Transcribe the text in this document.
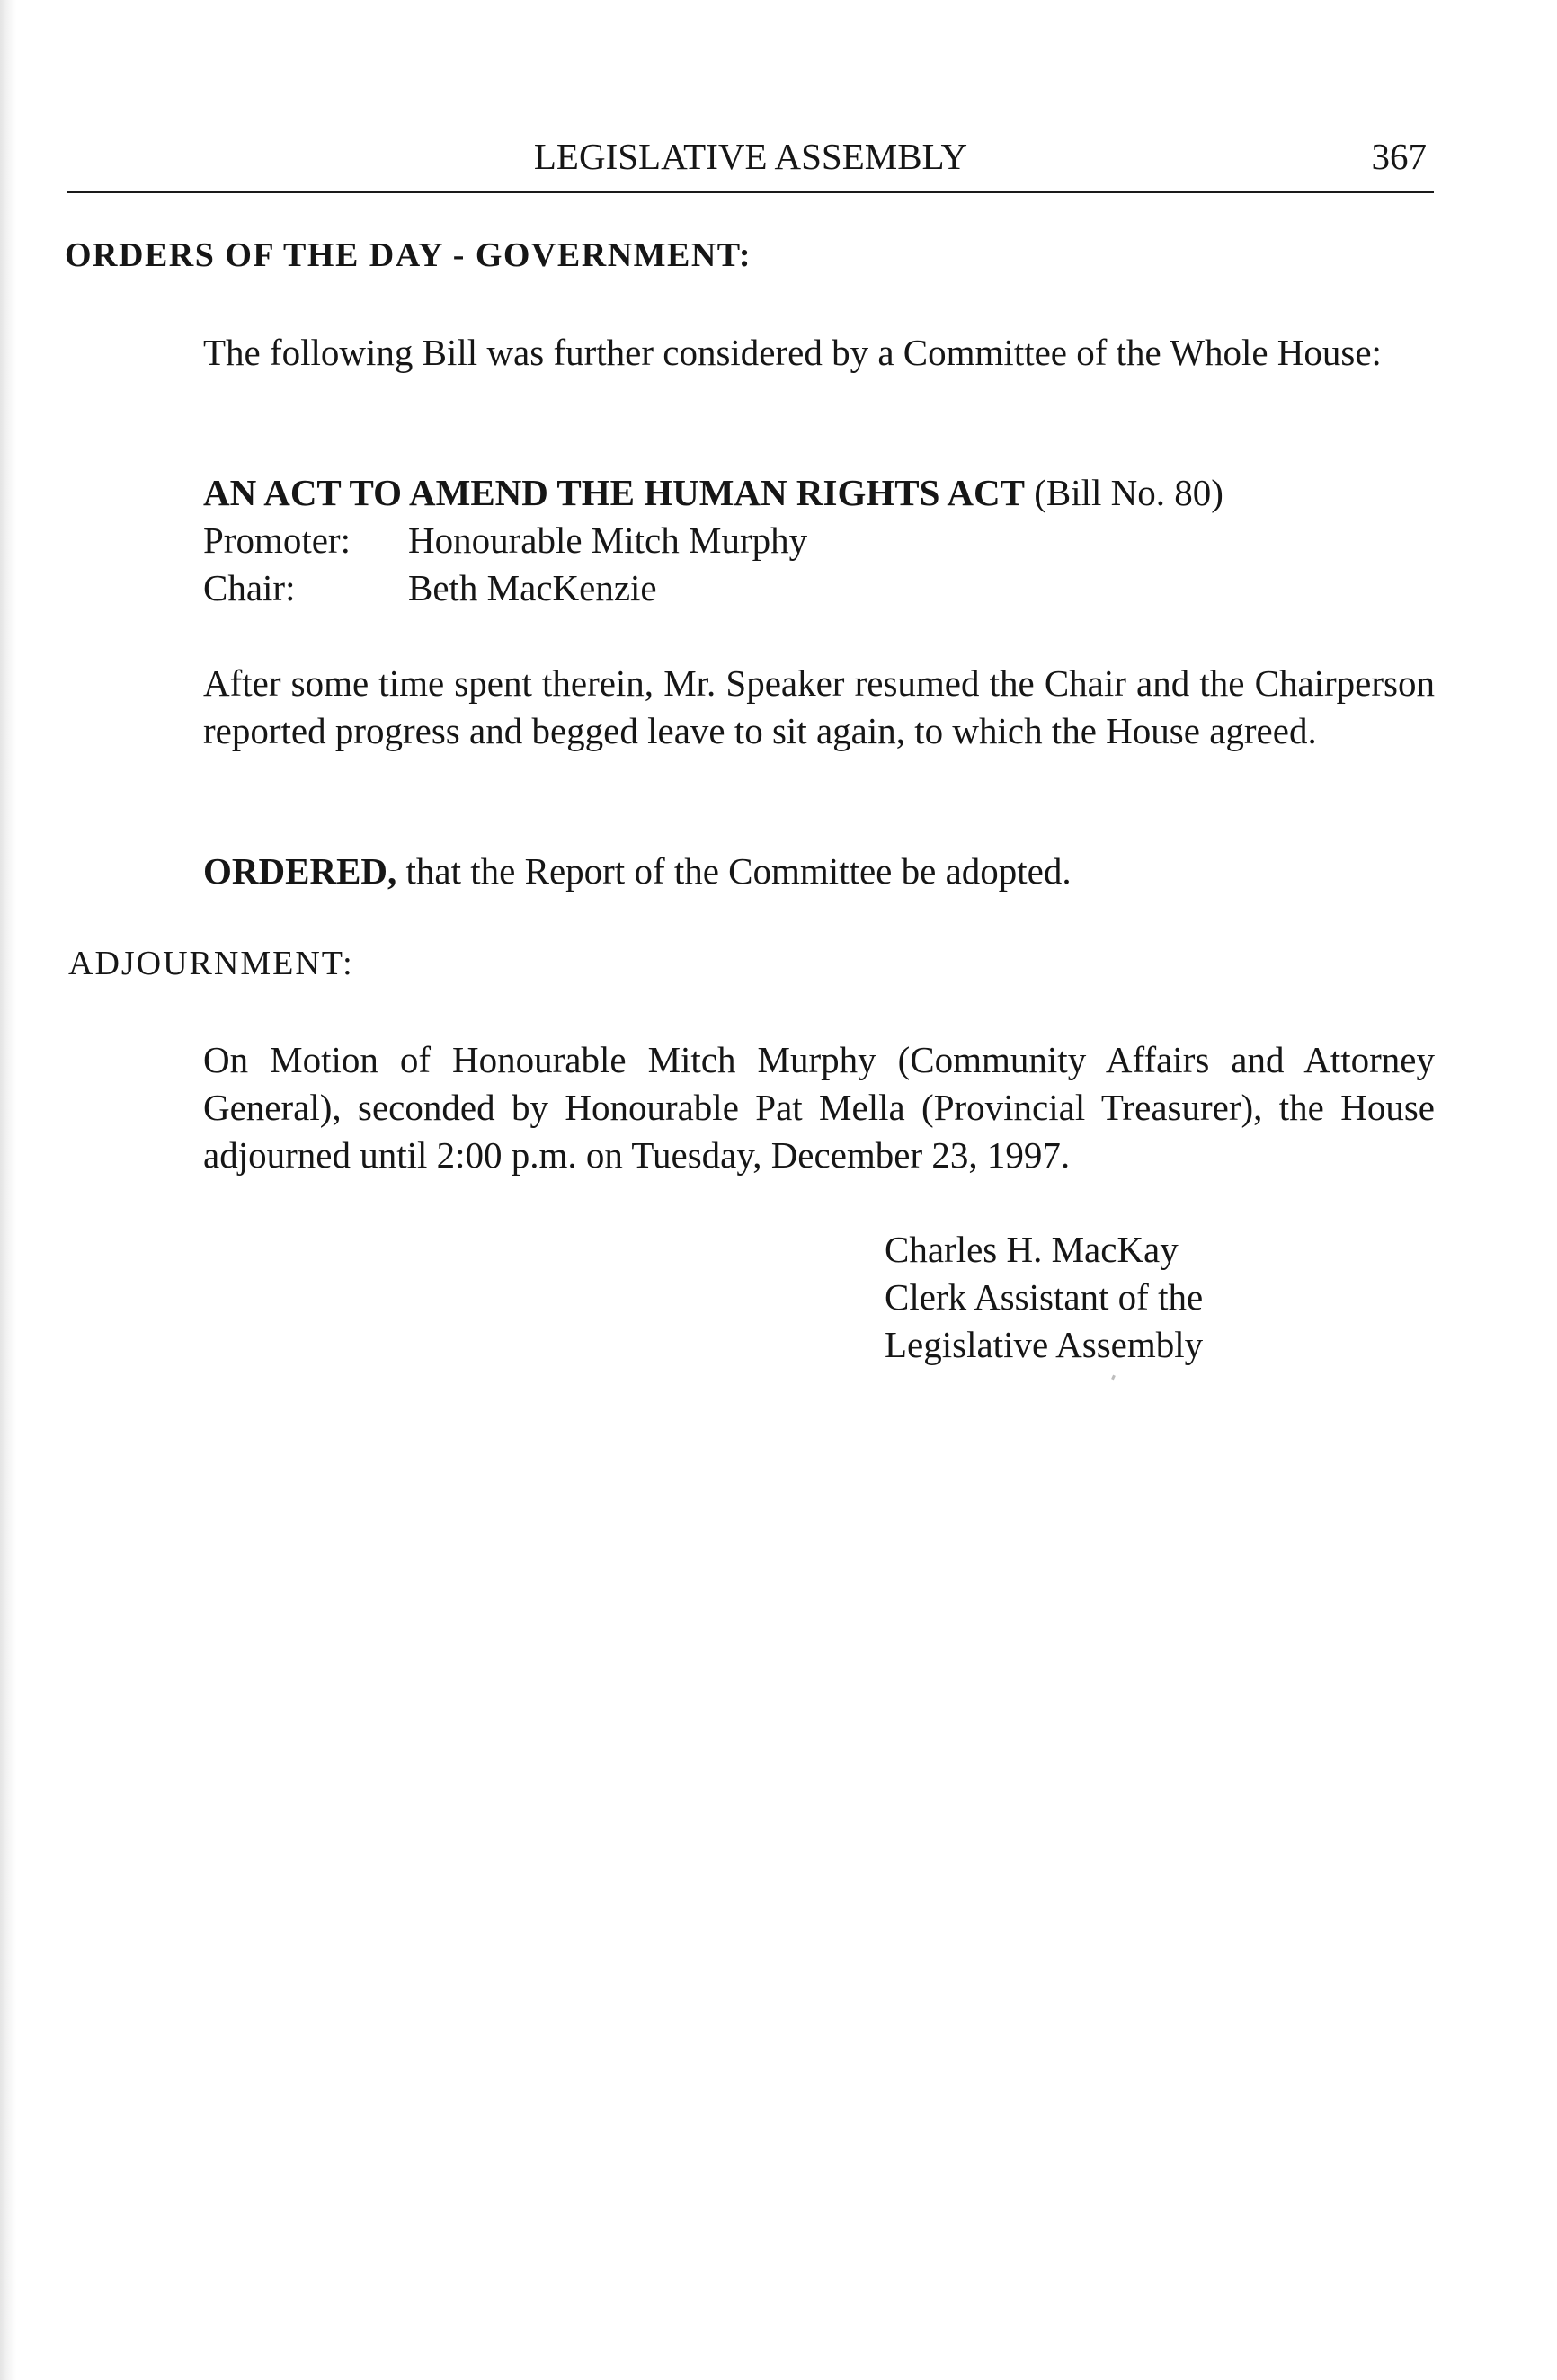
LEGISLATIVE ASSEMBLY	367
ORDERS OF THE DAY - GOVERNMENT:
The following Bill was further considered by a Committee of the Whole House:
AN ACT TO AMEND THE HUMAN RIGHTS ACT (Bill No. 80)
Promoter: Honourable Mitch Murphy
Chair:	Beth MacKenzie
After some time spent therein, Mr. Speaker resumed the Chair and the Chairperson reported progress and begged leave to sit again, to which the House agreed.
ORDERED, that the Report of the Committee be adopted.
ADJOURNMENT:
On Motion of Honourable Mitch Murphy (Community Affairs and Attorney General), seconded by Honourable Pat Mella (Provincial Treasurer), the House adjourned until 2:00 p.m. on Tuesday, December 23, 1997.
Charles H. MacKay
Clerk Assistant of the
Legislative Assembly
